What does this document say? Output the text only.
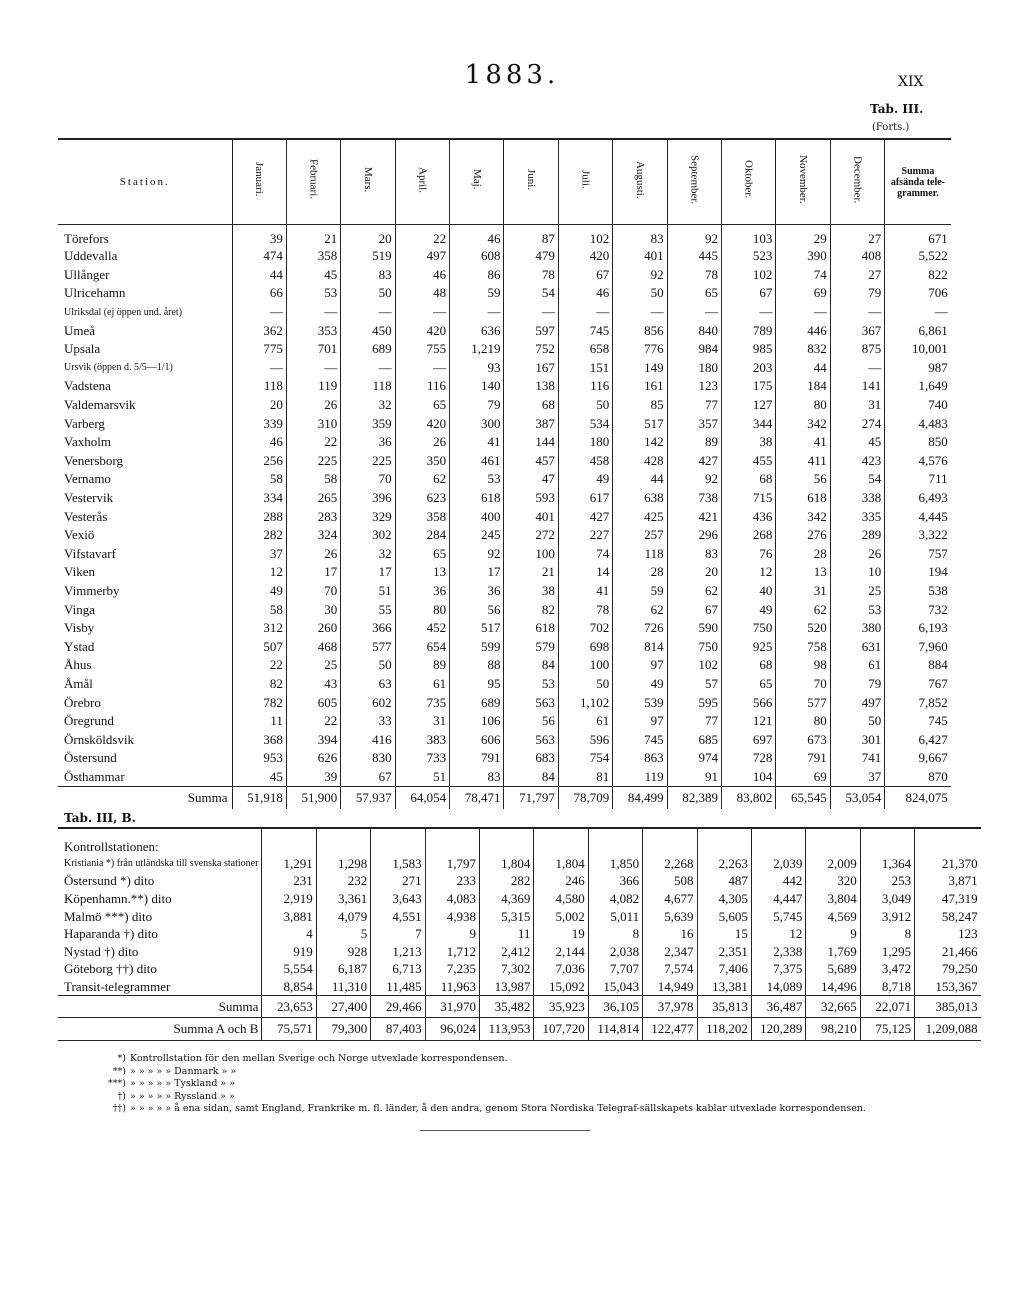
1883.	XIX
Tab. III.
(Forts.)
Station.	Januari.	Februari.	Mars.	April.	Maj.	Juni.	Juli.	Augusti.	September.	Oktober.	November.	December.	Summa afsända tele-grammer.
Törefors	39	21	20	22	46	87	102	83	92	103	29	27	671
Uddevalla	474	358	519	497	608	479	420	401	445	523	390	408	5,522
Ullånger	44	45	83	46	86	78	67	92	78	102	74	27	822
Ulricehamn	66	53	50	48	59	54	46	50	65	67	69	79	706
Ulriksdal (ej öppen und. året)	—	—	—	—	—	—	—	—	—	—	—	—	—
Umeå	362	353	450	420	636	597	745	856	840	789	446	367	6,861
Upsala	775	701	689	755	1,219	752	658	776	984	985	832	875	10,001
Ursvik (öppen d. 5/5—1/1)	—	—	—	—	93	167	151	149	180	203	44	—	987
Vadstena	118	119	118	116	140	138	116	161	123	175	184	141	1,649
Valdemarsvik	20	26	32	65	79	68	50	85	77	127	80	31	740
Varberg	339	310	359	420	300	387	534	517	357	344	342	274	4,483
Vaxholm	46	22	36	26	41	144	180	142	89	38	41	45	850
Venersborg	256	225	225	350	461	457	458	428	427	455	411	423	4,576
Vernamo	58	58	70	62	53	47	49	44	92	68	56	54	711
Vestervik	334	265	396	623	618	593	617	638	738	715	618	338	6,493
Vesterås	288	283	329	358	400	401	427	425	421	436	342	335	4,445
Vexiö	282	324	302	284	245	272	227	257	296	268	276	289	3,322
Vifstavarf	37	26	32	65	92	100	74	118	83	76	28	26	757
Viken	12	17	17	13	17	21	14	28	20	12	13	10	194
Vimmerby	49	70	51	36	36	38	41	59	62	40	31	25	538
Vinga	58	30	55	80	56	82	78	62	67	49	62	53	732
Visby	312	260	366	452	517	618	702	726	590	750	520	380	6,193
Ystad	507	468	577	654	599	579	698	814	750	925	758	631	7,960
Åhus	22	25	50	89	88	84	100	97	102	68	98	61	884
Åmål	82	43	63	61	95	53	50	49	57	65	70	79	767
Örebro	782	605	602	735	689	563	1,102	539	595	566	577	497	7,852
Öregrund	11	22	33	31	106	56	61	97	77	121	80	50	745
Örnsköldsvik	368	394	416	383	606	563	596	745	685	697	673	301	6,427
Östersund	953	626	830	733	791	683	754	863	974	728	791	741	9,667
Östhammar	45	39	67	51	83	84	81	119	91	104	69	37	870
Summa	51,918	51,900	57,937	64,054	78,471	71,797	78,709	84,499	82,389	83,802	65,545	53,054	824,075
Tab. III, B.
Kontrollstationen:													
Kristiania *) från utländska till svenska stationer	1,291	1,298	1,583	1,797	1,804	1,804	1,850	2,268	2,263	2,039	2,009	1,364	21,370
Östersund *) dito	231	232	271	233	282	246	366	508	487	442	320	253	3,871
Köpenhamn.**) dito	2,919	3,361	3,643	4,083	4,369	4,580	4,082	4,677	4,305	4,447	3,804	3,049	47,319
Malmö ***) dito	3,881	4,079	4,551	4,938	5,315	5,002	5,011	5,639	5,605	5,745	4,569	3,912	58,247
Haparanda †) dito	4	5	7	9	11	19	8	16	15	12	9	8	123
Nystad †) dito	919	928	1,213	1,712	2,412	2,144	2,038	2,347	2,351	2,338	1,769	1,295	21,466
Göteborg ††) dito	5,554	6,187	6,713	7,235	7,302	7,036	7,707	7,574	7,406	7,375	5,689	3,472	79,250
Transit-telegrammer	8,854	11,310	11,485	11,963	13,987	15,092	15,043	14,949	13,381	14,089	14,496	8,718	153,367
Summa	23,653	27,400	29,466	31,970	35,482	35,923	36,105	37,978	35,813	36,487	32,665	22,071	385,013
Summa A och B	75,571	79,300	87,403	96,024	113,953	107,720	114,814	122,477	118,202	120,289	98,210	75,125	1,209,088
*) Kontrollstation för den mellan Sverige och Norge utvexlade korrespondensen.
**) » » » » » Danmark » »
***) » » » » » Tyskland » »
†) » » » » » Ryssland » »
††) » » » » » å ena sidan, samt England, Frankrike m. fl. länder, å den andra, genom Stora Nordiska Telegraf-sällskapets kablar utvexlade korrespondensen.
